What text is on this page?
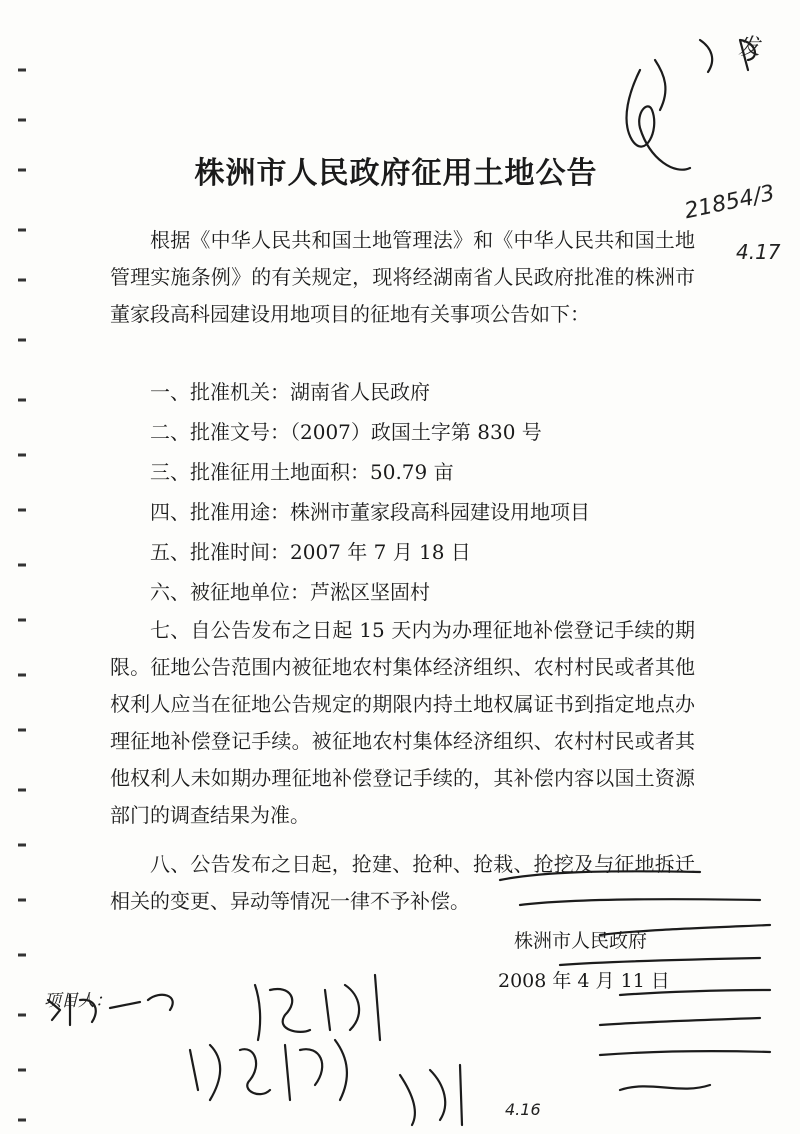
株洲市人民政府征用土地公告

根据《中华人民共和国土地管理法》和《中华人民共和国土地管理实施条例》的有关规定，现将经湖南省人民政府批准的株洲市董家段高科园建设用地项目的征地有关事项公告如下：

一、批准机关：湖南省人民政府
二、批准文号：（2007）政国土字第 830 号
三、批准征用土地面积：50.79 亩
四、批准用途：株洲市董家段高科园建设用地项目
五、批准时间：2007 年 7 月 18 日
六、被征地单位：芦淞区坚固村

七、自公告发布之日起 15 天内为办理征地补偿登记手续的期限。征地公告范围内被征地农村集体经济组织、农村村民或者其他权利人应当在征地公告规定的期限内持土地权属证书到指定地点办理征地补偿登记手续。被征地农村集体经济组织、农村村民或者其他权利人未如期办理征地补偿登记手续的，其补偿内容以国土资源部门的调查结果为准。

八、公告发布之日起，抢建、抢种、抢栽、抢挖及与征地拆迁相关的变更、异动等情况一律不予补偿。

株洲市人民政府
2008 年 4 月 11 日
发
21854/3
4.17
项目人：
4.16
